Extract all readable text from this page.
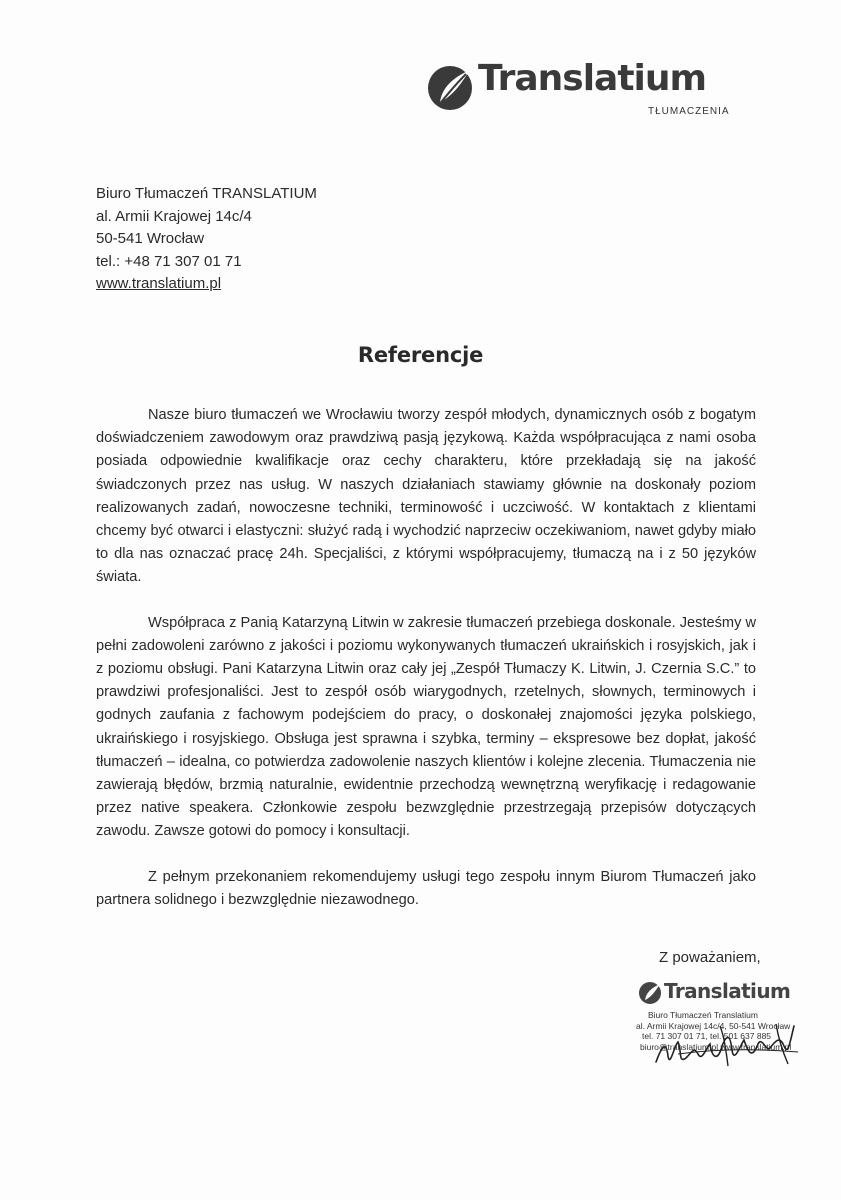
Translatium
TŁUMACZENIA
Biuro Tłumaczeń TRANSLATIUM
al. Armii Krajowej 14c/4
50-541 Wrocław
tel.: +48 71 307 01 71
www.translatium.pl
Referencje

Nasze biuro tłumaczeń we Wrocławiu tworzy zespół młodych, dynamicznych osób z bogatym doświadczeniem zawodowym oraz prawdziwą pasją językową. Każda współpracująca z nami osoba posiada odpowiednie kwalifikacje oraz cechy charakteru, które przekładają się na jakość świadczonych przez nas usług. W naszych działaniach stawiamy głównie na doskonały poziom realizowanych zadań, nowoczesne techniki, terminowość i uczciwość. W kontaktach z klientami chcemy być otwarci i elastyczni: służyć radą i wychodzić naprzeciw oczekiwaniom, nawet gdyby miało to dla nas oznaczać pracę 24h. Specjaliści, z którymi współpracujemy, tłumaczą na i z 50 języków świata.

Współpraca z Panią Katarzyną Litwin w zakresie tłumaczeń przebiega doskonale. Jesteśmy w pełni zadowoleni zarówno z jakości i poziomu wykonywanych tłumaczeń ukraińskich i rosyjskich, jak i z poziomu obsługi. Pani Katarzyna Litwin oraz cały jej „Zespół Tłumaczy K. Litwin, J. Czernia S.C.” to prawdziwi profesjonaliści. Jest to zespół osób wiarygodnych, rzetelnych, słownych, terminowych i godnych zaufania z fachowym podejściem do pracy, o doskonałej znajomości języka polskiego, ukraińskiego i rosyjskiego. Obsługa jest sprawna i szybka, terminy – ekspresowe bez dopłat, jakość tłumaczeń – idealna, co potwierdza zadowolenie naszych klientów i kolejne zlecenia. Tłumaczenia nie zawierają błędów, brzmią naturalnie, ewidentnie przechodzą wewnętrzną weryfikację i redagowanie przez native speakera. Członkowie zespołu bezwzględnie przestrzegają przepisów dotyczących zawodu. Zawsze gotowi do pomocy i konsultacji.

Z pełnym przekonaniem rekomendujemy usługi tego zespołu innym Biurom Tłumaczeń jako partnera solidnego i bezwzględnie niezawodnego.

Z poważaniem,
Translatium
Biuro Tłumaczeń Translatium
al. Armii Krajowej 14c/4, 50-541 Wrocław
tel. 71 307 01 71, tel. 501 637 885
biuro@translatium.pl www.translatium.pl
